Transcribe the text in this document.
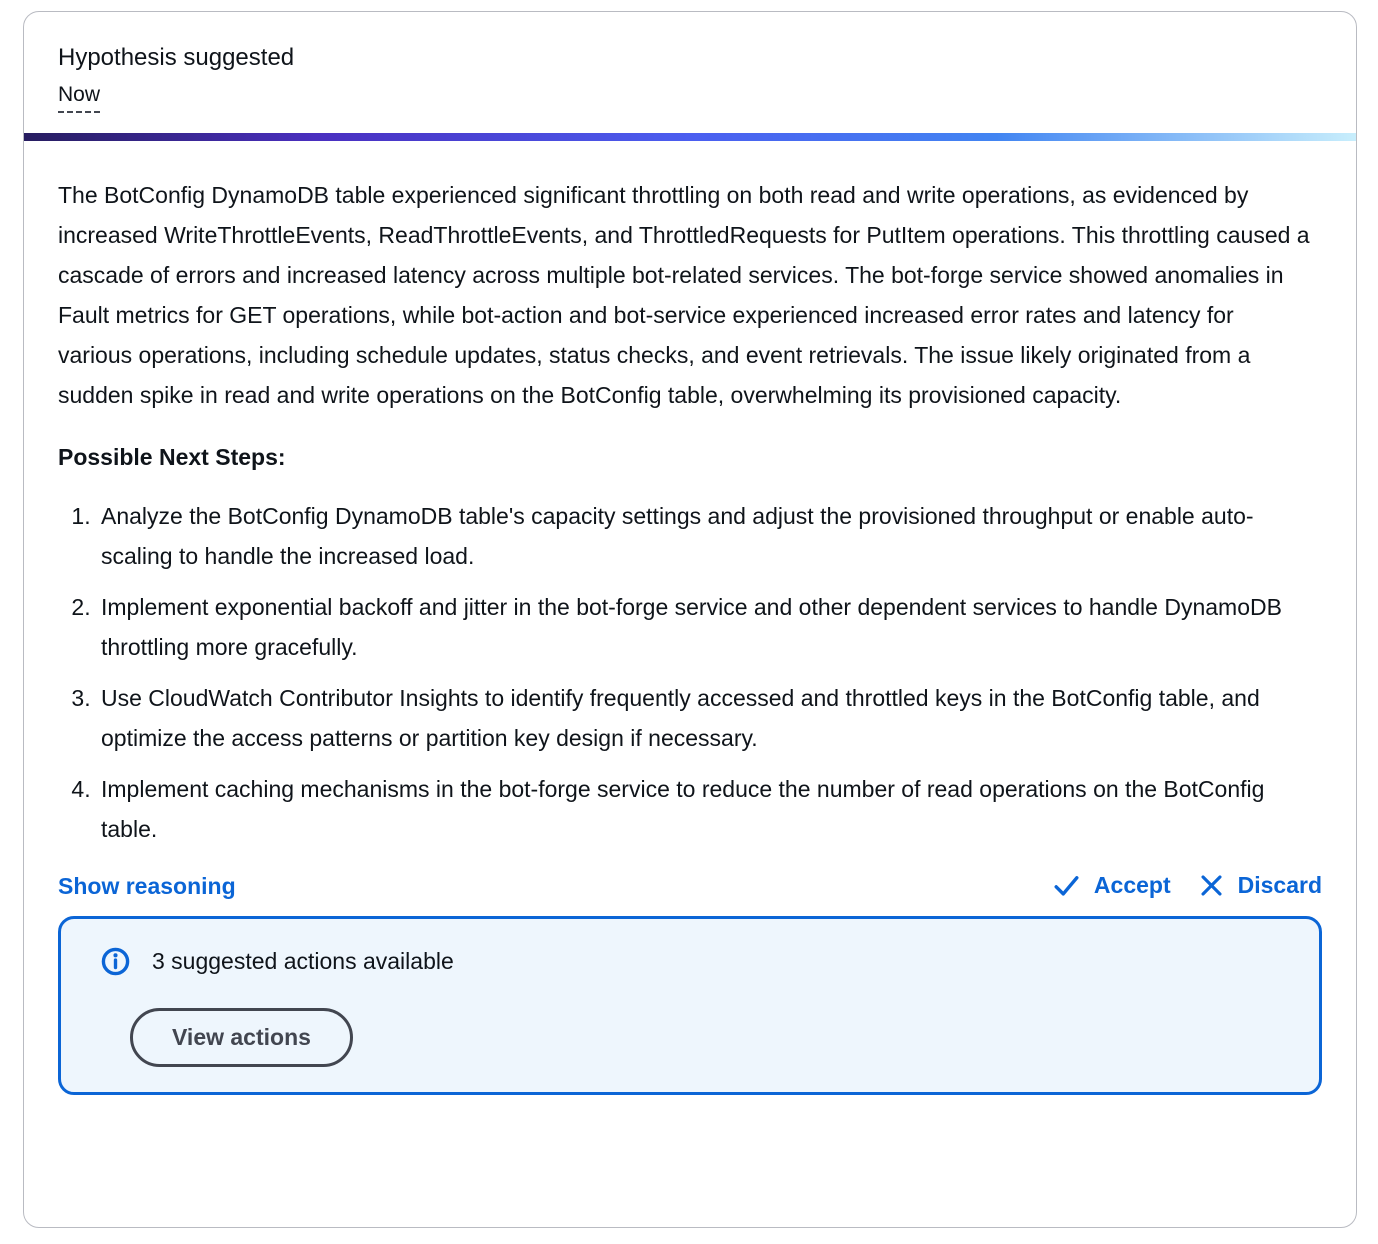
Hypothesis suggested
Now

The BotConfig DynamoDB table experienced significant throttling on both read and write operations, as evidenced by increased WriteThrottleEvents, ReadThrottleEvents, and ThrottledRequests for PutItem operations. This throttling caused a cascade of errors and increased latency across multiple bot-related services. The bot-forge service showed anomalies in Fault metrics for GET operations, while bot-action and bot-service experienced increased error rates and latency for various operations, including schedule updates, status checks, and event retrievals. The issue likely originated from a sudden spike in read and write operations on the BotConfig table, overwhelming its provisioned capacity.

Possible Next Steps:
1. Analyze the BotConfig DynamoDB table's capacity settings and adjust the provisioned throughput or enable auto-scaling to handle the increased load.
2. Implement exponential backoff and jitter in the bot-forge service and other dependent services to handle DynamoDB throttling more gracefully.
3. Use CloudWatch Contributor Insights to identify frequently accessed and throttled keys in the BotConfig table, and optimize the access patterns or partition key design if necessary.
4. Implement caching mechanisms in the bot-forge service to reduce the number of read operations on the BotConfig table.
Show reasoning	Accept	Discard
3 suggested actions available
View actions
